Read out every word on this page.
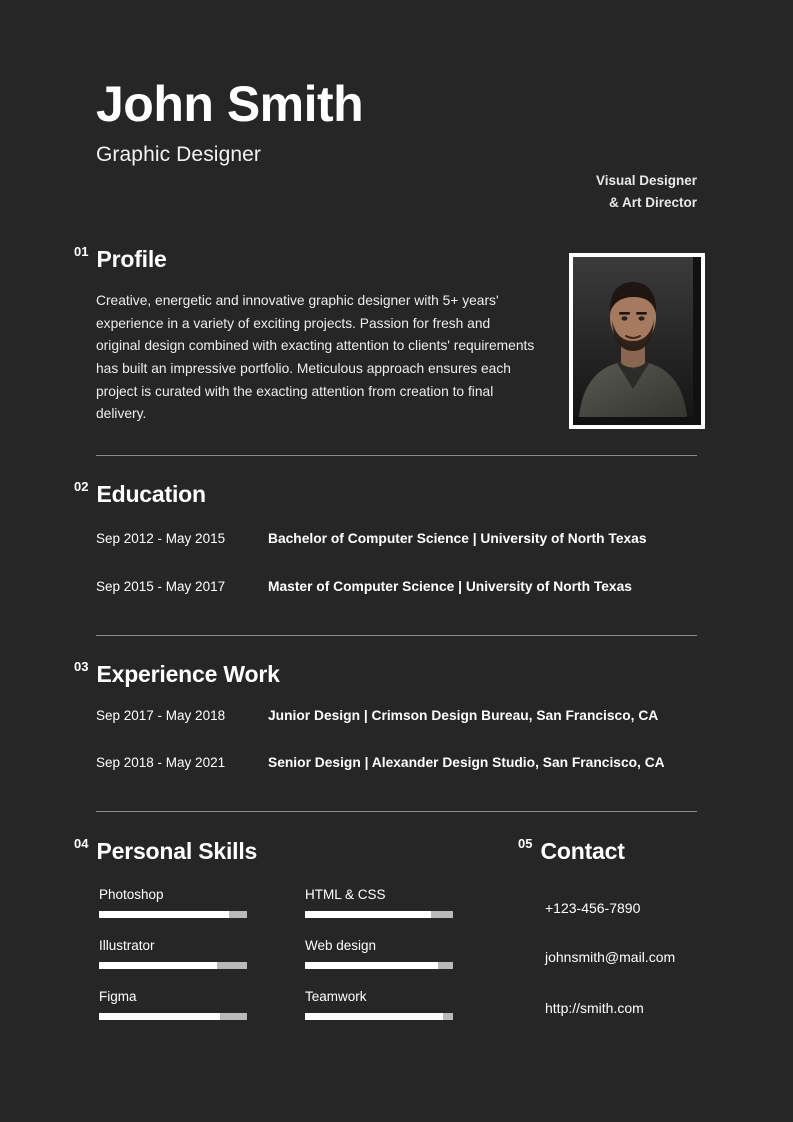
John Smith
Graphic Designer
Visual Designer
& Art Director
01 Profile
Creative, energetic and innovative graphic designer with 5+ years' experience in a variety of exciting projects. Passion for fresh and original design combined with exacting attention to clients' requirements has built an impressive portfolio. Meticulous approach ensures each project is curated with the exacting attention from creation to final delivery.
02 Education
Sep 2012 - May 2015	Bachelor of Computer Science | University of North Texas
Sep 2015 - May 2017	Master of Computer Science | University of North Texas
03 Experience Work
Sep 2017 - May 2018	Junior Design | Crimson Design Bureau, San Francisco, CA
Sep 2018 - May 2021	Senior Design | Alexander Design Studio, San Francisco, CA
04 Personal Skills
Photoshop
Illustrator
Figma
HTML & CSS
Web design
Teamwork
05 Contact
+123-456-7890
johnsmith@mail.com
http://smith.com
